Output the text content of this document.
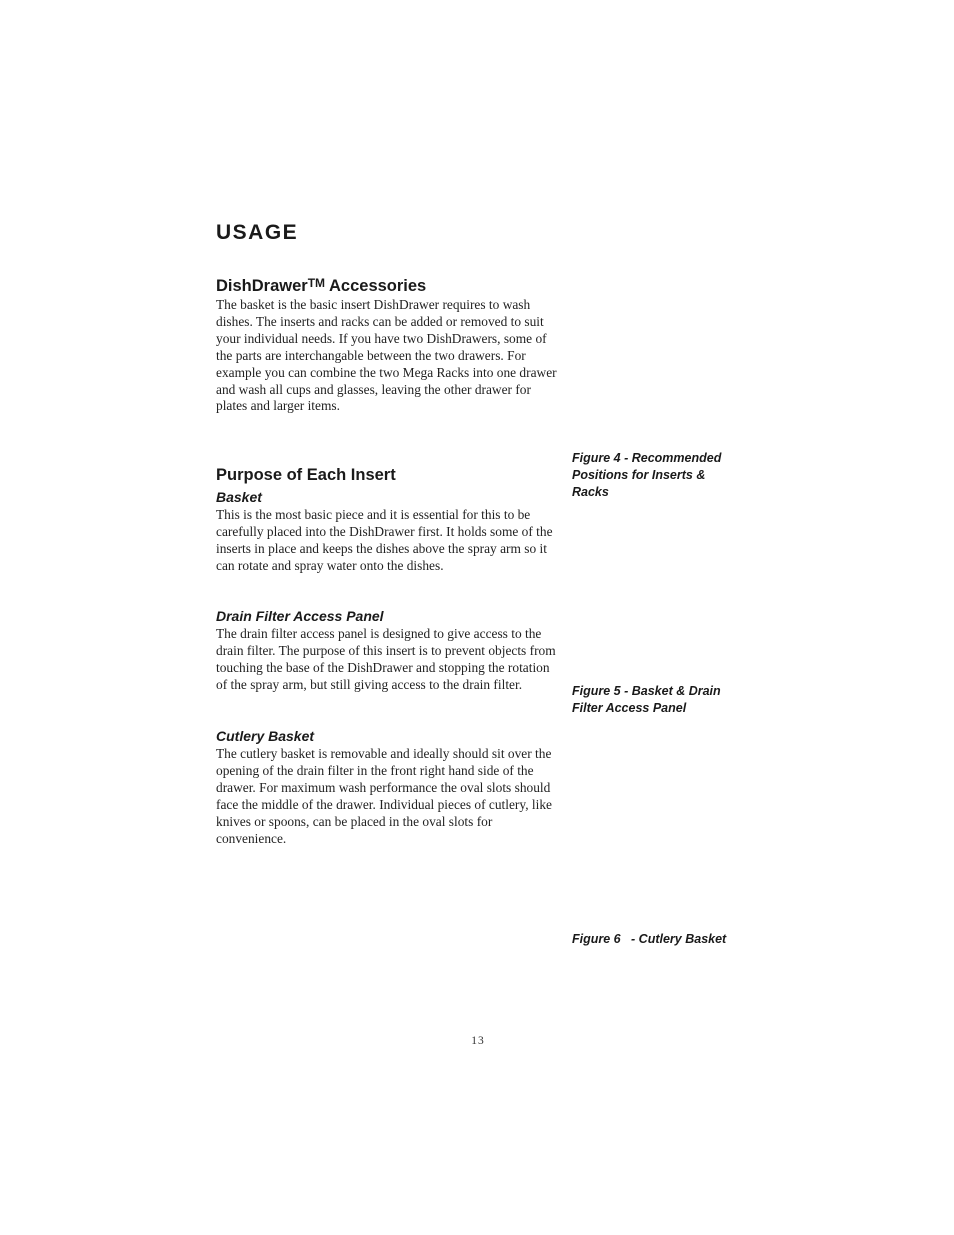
USAGE
DishDrawer™ Accessories

The basket is the basic insert DishDrawer requires to wash dishes. The inserts and racks can be added or removed to suit your individual needs. If you have two DishDrawers, some of the parts are interchangable between the two drawers. For example you can combine the two Mega Racks into one drawer and wash all cups and glasses, leaving the other drawer for plates and larger items.

Purpose of Each Insert
Basket

This is the most basic piece and it is essential for this to be carefully placed into the DishDrawer first. It holds some of the inserts in place and keeps the dishes above the spray arm so it can rotate and spray water onto the dishes.

Drain Filter Access Panel

The drain filter access panel is designed to give access to the drain filter. The purpose of this insert is to prevent objects from touching the base of the DishDrawer and stopping the rotation of the spray arm, but still giving access to the drain filter.

Cutlery Basket

The cutlery basket is removable and ideally should sit over the opening of the drain filter in the front right hand side of the drawer. For maximum wash performance the oval slots should face the middle of the drawer. Individual pieces of cutlery, like knives or spoons, can be placed in the oval slots for convenience.

Figure 4 - Recommended Positions for Inserts & Racks

Figure 5 - Basket & Drain Filter Access Panel

Figure 6   - Cutlery Basket

13
